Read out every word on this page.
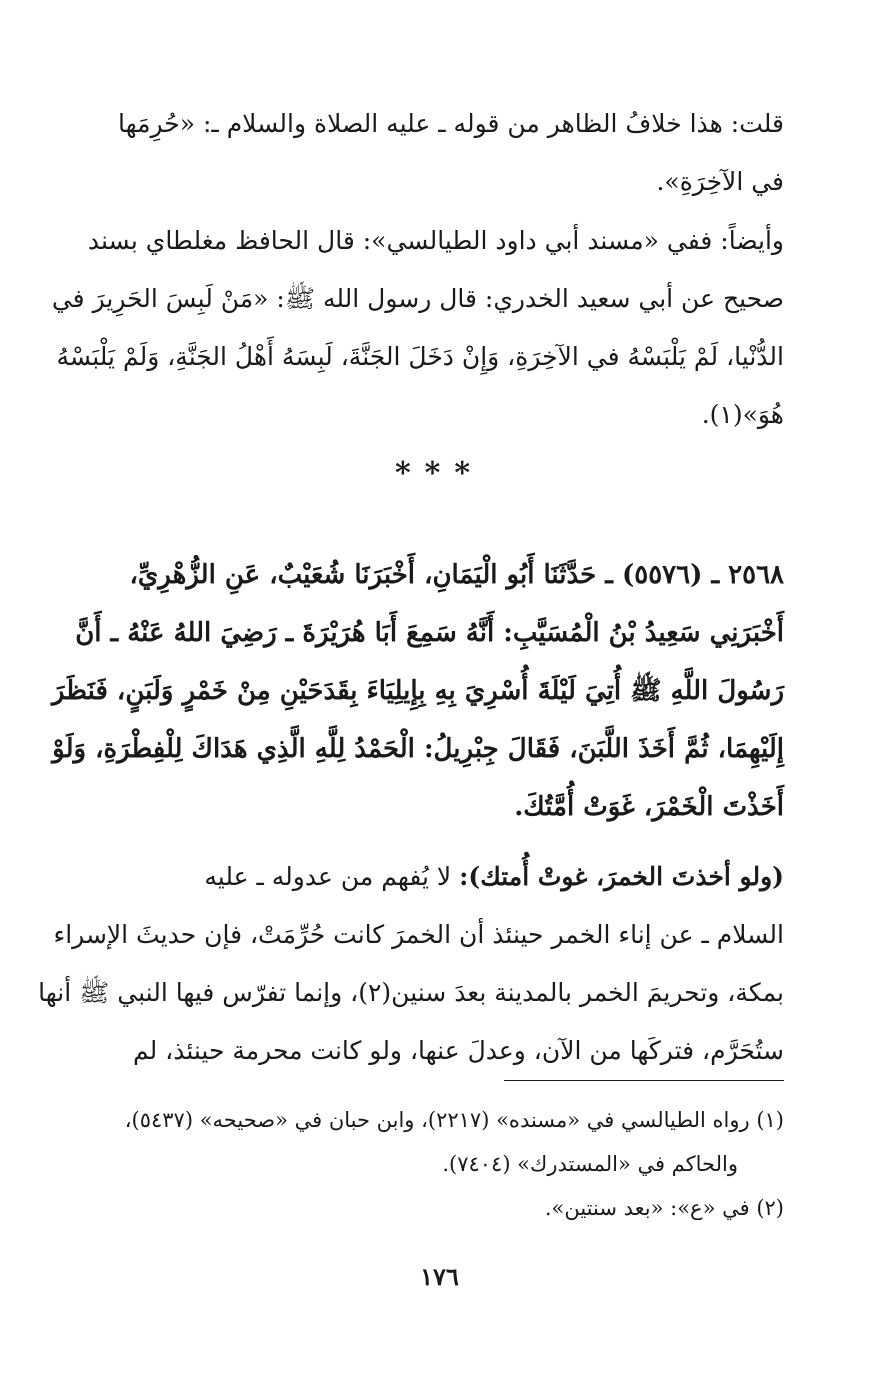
قلت: هذا خلافُ الظاهر من قوله ـ عليه الصلاة والسلام ـ: «حُرِمَها
في الآخِرَةِ».
وأيضاً: ففي «مسند أبي داود الطيالسي»: قال الحافظ مغلطاي بسند
صحيح عن أبي سعيد الخدري: قال رسول الله ﷺ: «مَنْ لَبِسَ الحَرِيرَ في
الدُّنْيا، لَمْ يَلْبَسْهُ في الآخِرَةِ، وَإِنْ دَخَلَ الجَنَّةَ، لَبِسَهُ أَهْلُ الجَنَّةِ، وَلَمْ يَلْبَسْهُ
هُوَ»(١).
***
٢٥٦٨ ـ (٥٥٧٦) ـ حَدَّثَنَا أَبُو الْيَمَانِ، أَخْبَرَنَا شُعَيْبٌ، عَنِ الزُّهْرِيِّ،
أَخْبَرَنِي سَعِيدُ بْنُ الْمُسَيَّبِ: أَنَّهُ سَمِعَ أَبَا هُرَيْرَةَ ـ رَضِيَ اللهُ عَنْهُ ـ أَنَّ
رَسُولَ اللَّهِ ﷺ أُتِيَ لَيْلَةَ أُسْرِيَ بِهِ بِإِيلِيَاءَ بِقَدَحَيْنِ مِنْ خَمْرٍ وَلَبَنٍ، فَنَظَرَ
إِلَيْهِمَا، ثُمَّ أَخَذَ اللَّبَنَ، فَقَالَ جِبْرِيلُ: الْحَمْدُ لِلَّهِ الَّذِي هَدَاكَ لِلْفِطْرَةِ، وَلَوْ
أَخَذْتَ الْخَمْرَ، غَوَتْ أُمَّتُكَ.
(ولو أخذتَ الخمرَ، غوتْ أُمتك): لا يُفهم من عدوله ـ عليه
السلام ـ عن إناء الخمر حينئذ أن الخمرَ كانت حُرِّمَتْ، فإن حديثَ الإسراء
بمكة، وتحريمَ الخمر بالمدينة بعدَ سنين(٢)، وإنما تفرّس فيها النبي ﷺ أنها
ستُحَرَّم، فتركَها من الآن، وعدلَ عنها، ولو كانت محرمة حينئذ، لم
(١) رواه الطيالسي في «مسنده» (٢٢١٧)، وابن حبان في «صحيحه» (٥٤٣٧)،
والحاكم في «المستدرك» (٧٤٠٤).
(٢) في «ع»: «بعد سنتين».
١٧٦
